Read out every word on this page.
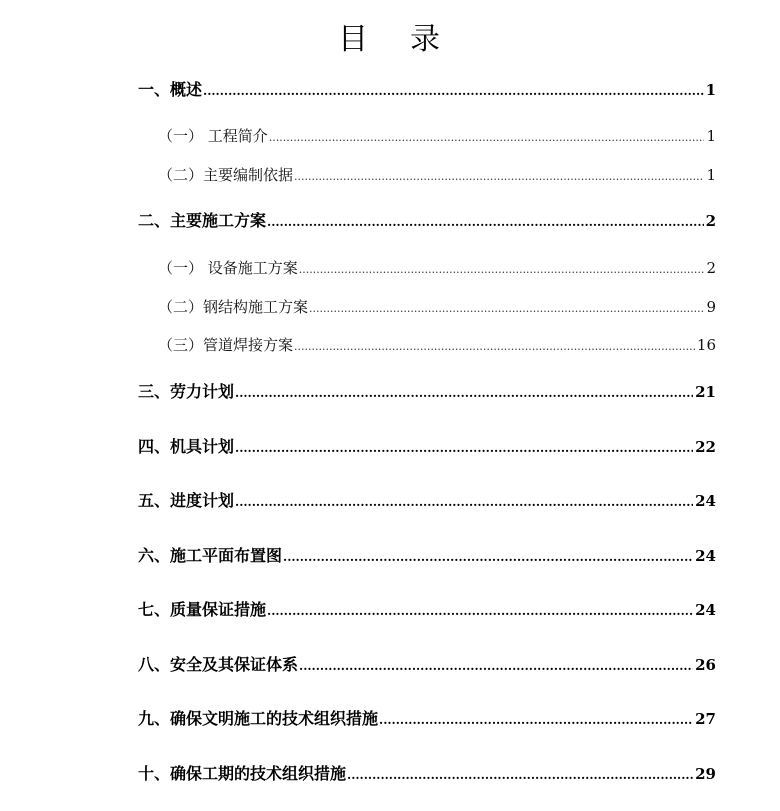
目 录
一、概述 .....	1
（一） 工程简介 .....	1
（二）主要编制依据 .....	1
二、主要施工方案 .....	2
（一） 设备施工方案 .....	2
（二）钢结构施工方案 .....	9
（三）管道焊接方案 .....	16
三、劳力计划 .....	21
四、机具计划 .....	22
五、进度计划 .....	24
六、施工平面布置图 .....	24
七、质量保证措施 .....	24
八、安全及其保证体系 .....	26
九、确保文明施工的技术组织措施 .....	27
十、确保工期的技术组织措施 .....	29
